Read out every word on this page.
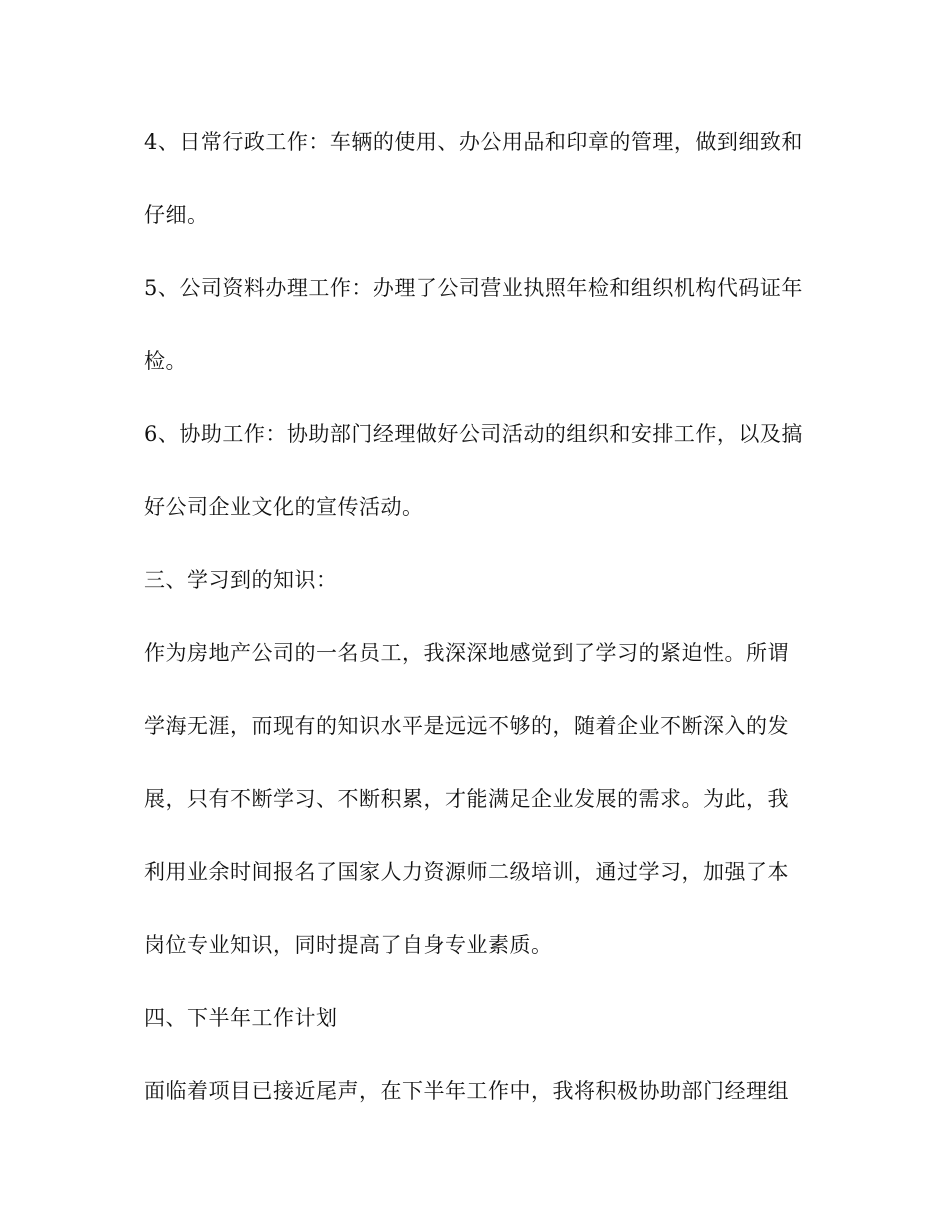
4、日常行政工作：车辆的使用、办公用品和印章的管理，做到细致和
仔细。
5、公司资料办理工作：办理了公司营业执照年检和组织机构代码证年
检。
6、协助工作：协助部门经理做好公司活动的组织和安排工作，以及搞
好公司企业文化的宣传活动。
三、学习到的知识：
作为房地产公司的一名员工，我深深地感觉到了学习的紧迫性。所谓
学海无涯，而现有的知识水平是远远不够的，随着企业不断深入的发
展，只有不断学习、不断积累，才能满足企业发展的需求。为此，我
利用业余时间报名了国家人力资源师二级培训，通过学习，加强了本
岗位专业知识，同时提高了自身专业素质。
四、下半年工作计划
面临着项目已接近尾声，在下半年工作中，我将积极协助部门经理组
